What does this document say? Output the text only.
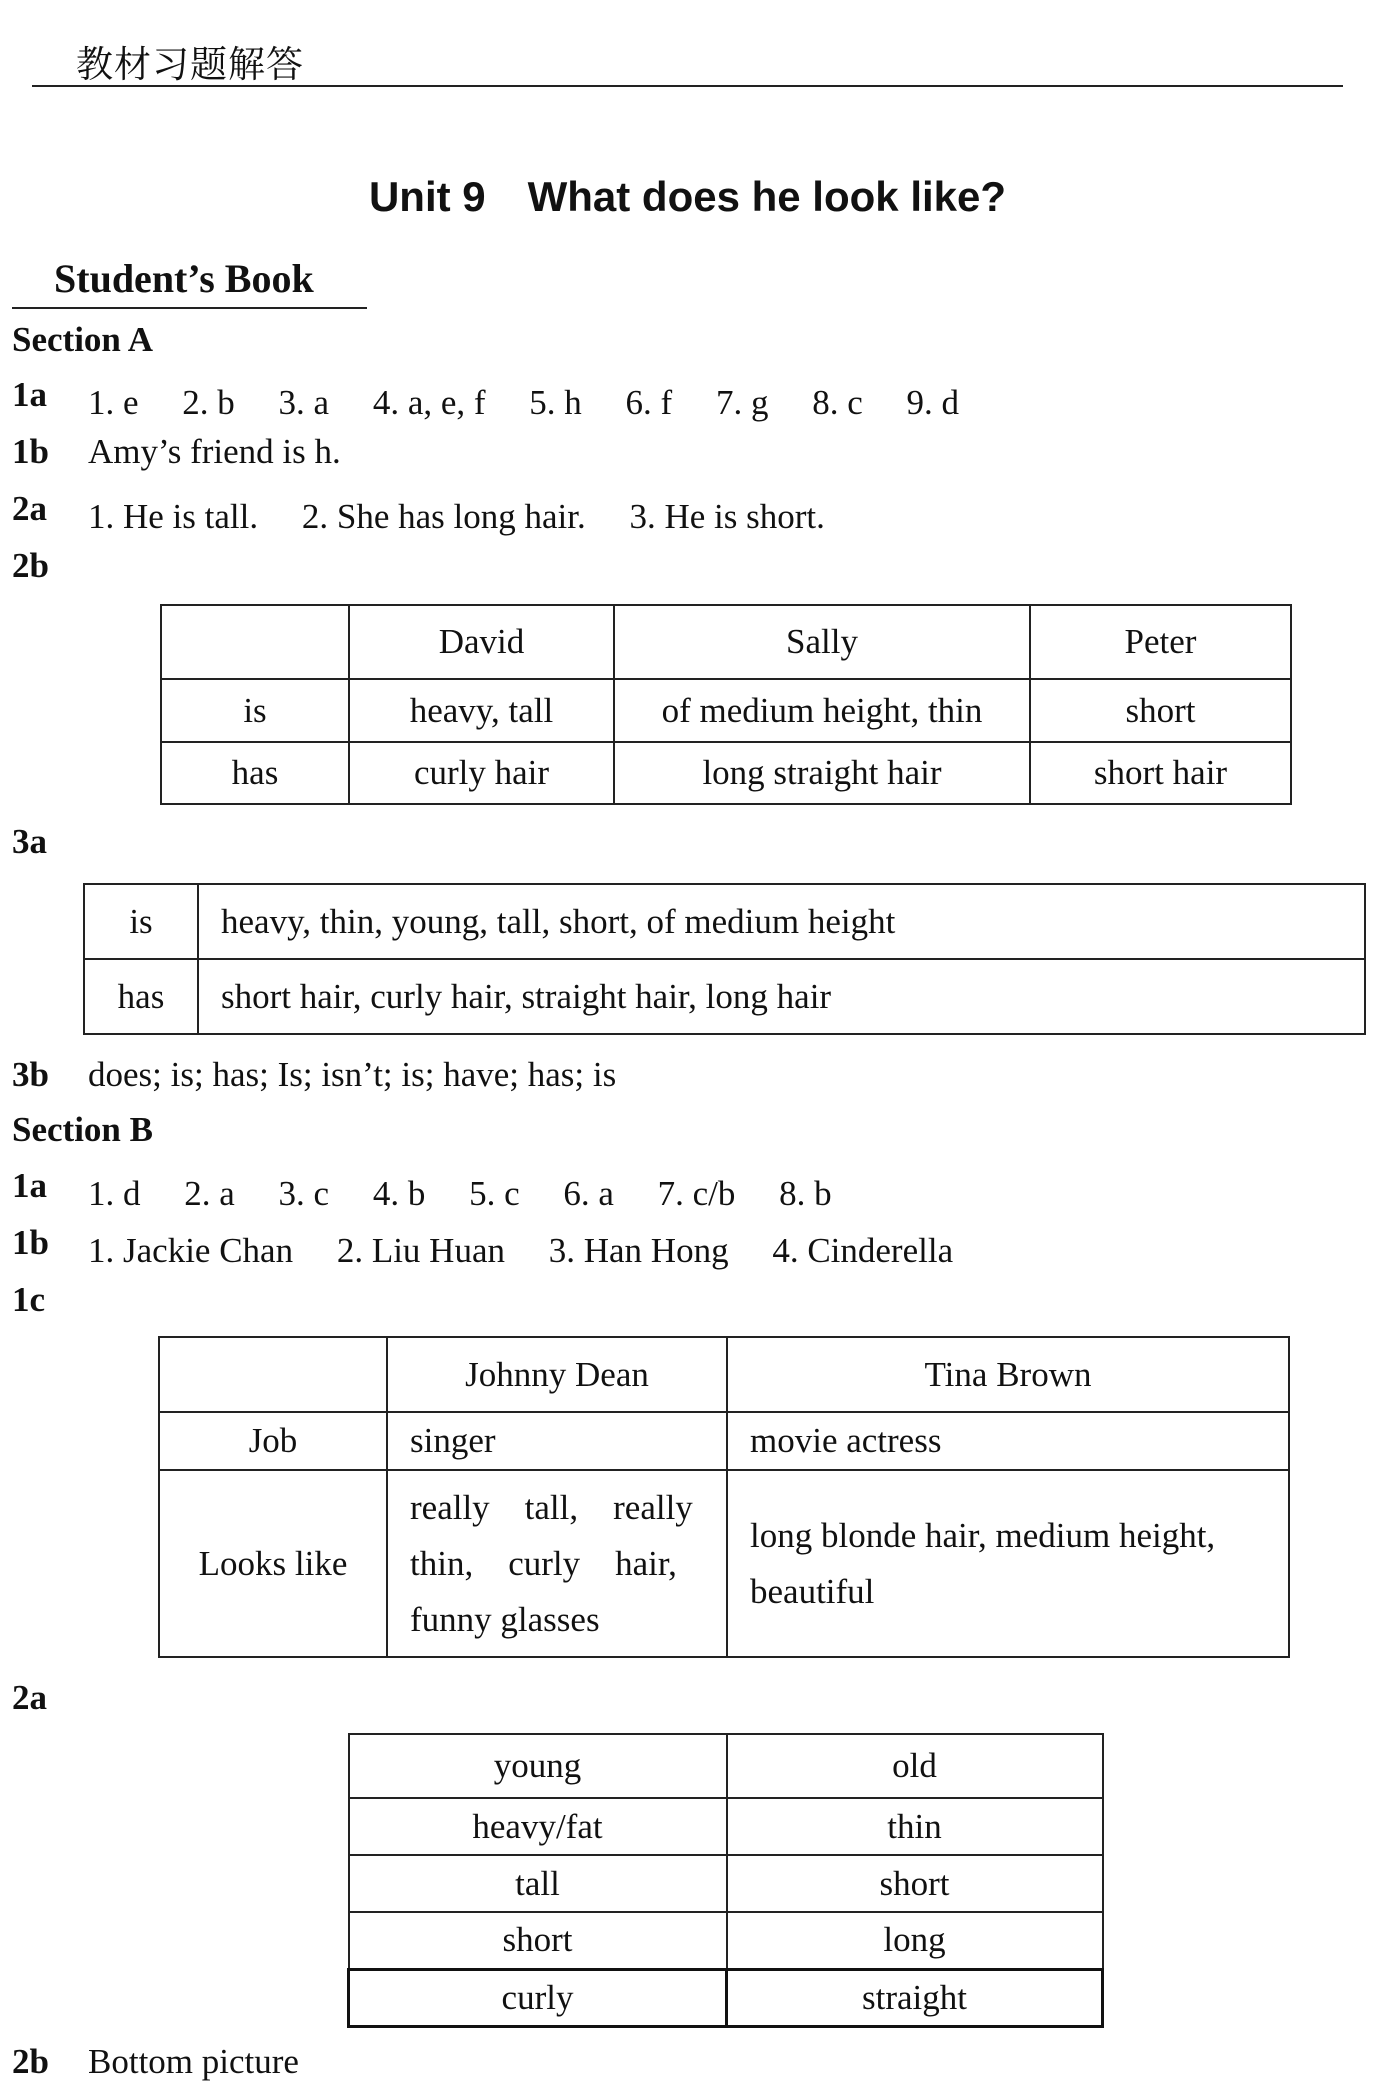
教材习题解答
Unit 9　What does he look like?
Student’s Book
Section A
1a 1. e　 2. b　 3. a　 4. a, e, f　 5. h　 6. f　 7. g　 8. c　 9. d
1b Amy’s friend is h.
2a 1. He is tall.　 2. She has long hair.　 3. He is short.
2b
	David	Sally	Peter
is	heavy, tall	of medium height, thin	short
has	curly hair	long straight hair	short hair
3a
is	heavy, thin, young, tall, short, of medium height
has	short hair, curly hair, straight hair, long hair
3b does; is; has; Is; isn’t; is; have; has; is
Section B
1a 1. d　 2. a　 3. c　 4. b　 5. c　 6. a　 7. c/b　 8. b
1b 1. Jackie Chan　 2. Liu Huan　 3. Han Hong　 4. Cinderella
1c
	Johnny Dean	Tina Brown
Job	singer	movie actress
Looks like	really　tall,　really thin,　curly　hair, funny glasses	long blonde hair, medium height, beautiful
2a
young	old
heavy/fat	thin
tall	short
short	long
curly	straight
2b Bottom picture
